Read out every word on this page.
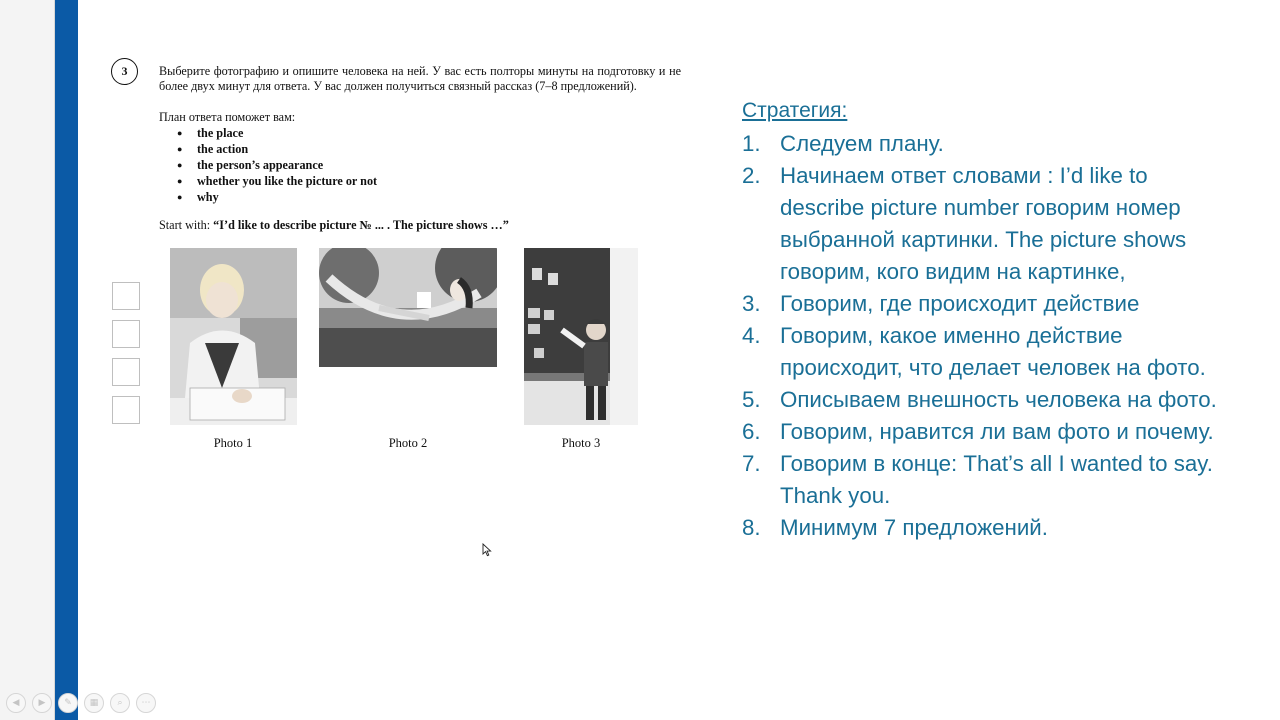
3	Выберите фотографию и опишите человека на ней. У вас есть полторы минуты на подготовку и не более двух минут для ответа. У вас должен получиться связный рассказ (7–8 предложений).
План ответа поможет вам:
● the place
● the action
● the person’s appearance
● whether you like the picture or not
● why
Start with: “I’d like to describe picture № ... . The picture shows …”
Photo 1	Photo 2	Photo 3
Стратегия:
1. Следуем плану.
2. Начинаем ответ словами : I’d like to describe picture number говорим номер выбранной картинки. The picture shows говорим, кого видим на картинке,
3. Говорим, где происходит действие
4. Говорим, какое именно действие происходит, что делает человек на фото.
5. Описываем внешность человека на фото.
6. Говорим, нравится ли вам фото и почему.
7. Говорим в конце: That’s all I wanted to say. Thank you.
8. Минимум 7 предложений.
◀	▶	✎	▦	⌕	⋯
